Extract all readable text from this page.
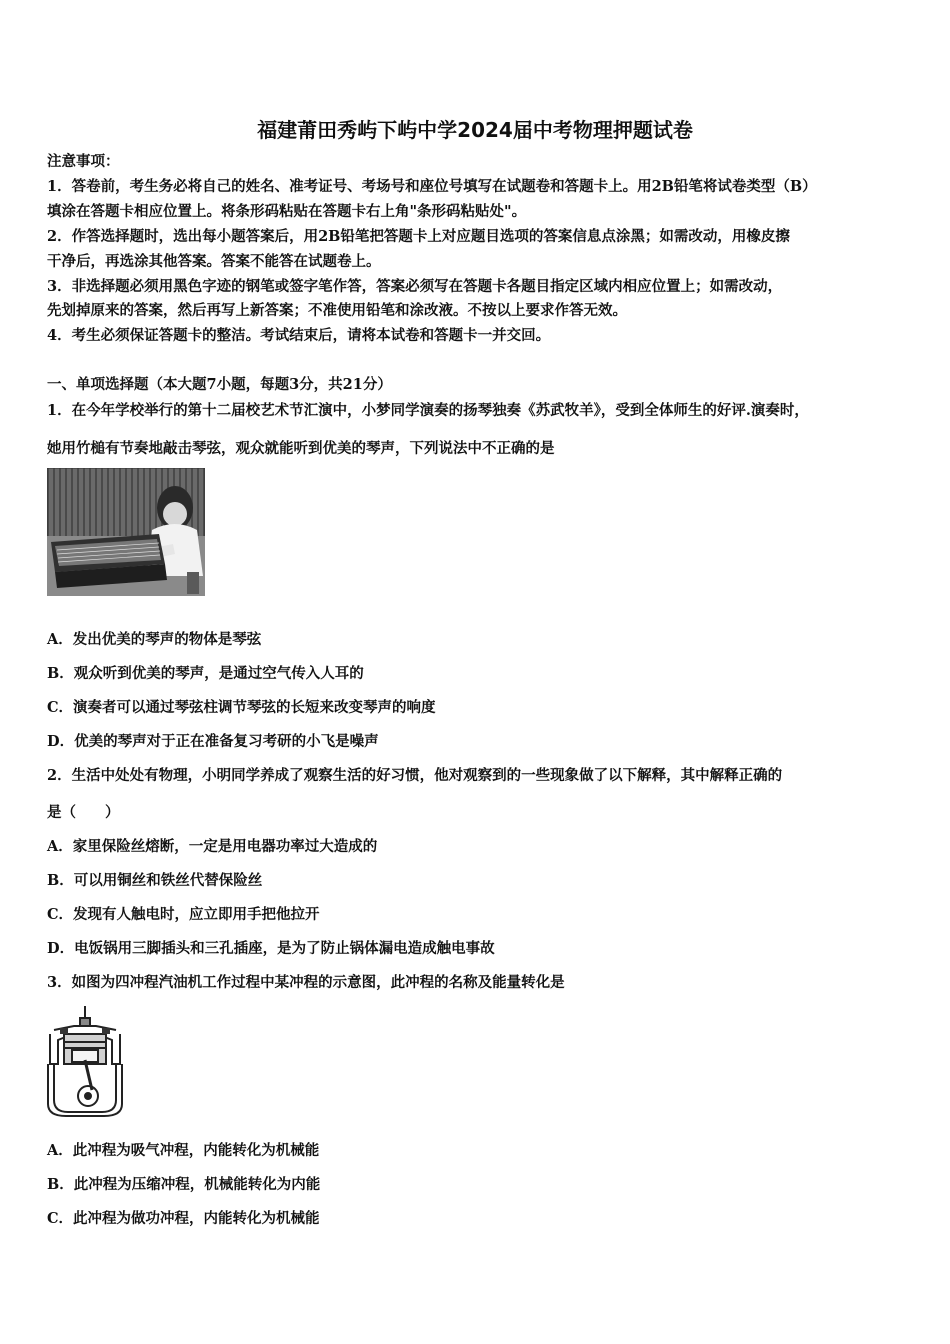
福建莆田秀屿下屿中学2024届中考物理押题试卷
注意事项：
1．答卷前，考生务必将自己的姓名、准考证号、考场号和座位号填写在试题卷和答题卡上。用2B铅笔将试卷类型（B）
填涂在答题卡相应位置上。将条形码粘贴在答题卡右上角"条形码粘贴处"。
2．作答选择题时，选出每小题答案后，用2B铅笔把答题卡上对应题目选项的答案信息点涂黑；如需改动，用橡皮擦
干净后，再选涂其他答案。答案不能答在试题卷上。
3．非选择题必须用黑色字迹的钢笔或签字笔作答，答案必须写在答题卡各题目指定区域内相应位置上；如需改动，
先划掉原来的答案，然后再写上新答案；不准使用铅笔和涂改液。不按以上要求作答无效。
4．考生必须保证答题卡的整洁。考试结束后，请将本试卷和答题卡一并交回。
一、单项选择题（本大题7小题，每题3分，共21分）
1．在今年学校举行的第十二届校艺术节汇演中，小梦同学演奏的扬琴独奏《苏武牧羊》，受到全体师生的好评.演奏时，
她用竹槌有节奏地敲击琴弦，观众就能听到优美的琴声，下列说法中不正确的是
A．发出优美的琴声的物体是琴弦
B．观众听到优美的琴声，是通过空气传入人耳的
C．演奏者可以通过琴弦柱调节琴弦的长短来改变琴声的响度
D．优美的琴声对于正在准备复习考研的小飞是噪声
2．生活中处处有物理，小明同学养成了观察生活的好习惯，他对观察到的一些现象做了以下解释，其中解释正确的
是（　　）
A．家里保险丝熔断，一定是用电器功率过大造成的
B．可以用铜丝和铁丝代替保险丝
C．发现有人触电时，应立即用手把他拉开
D．电饭锅用三脚插头和三孔插座，是为了防止锅体漏电造成触电事故
3．如图为四冲程汽油机工作过程中某冲程的示意图，此冲程的名称及能量转化是
A．此冲程为吸气冲程，内能转化为机械能
B．此冲程为压缩冲程，机械能转化为内能
C．此冲程为做功冲程，内能转化为机械能
